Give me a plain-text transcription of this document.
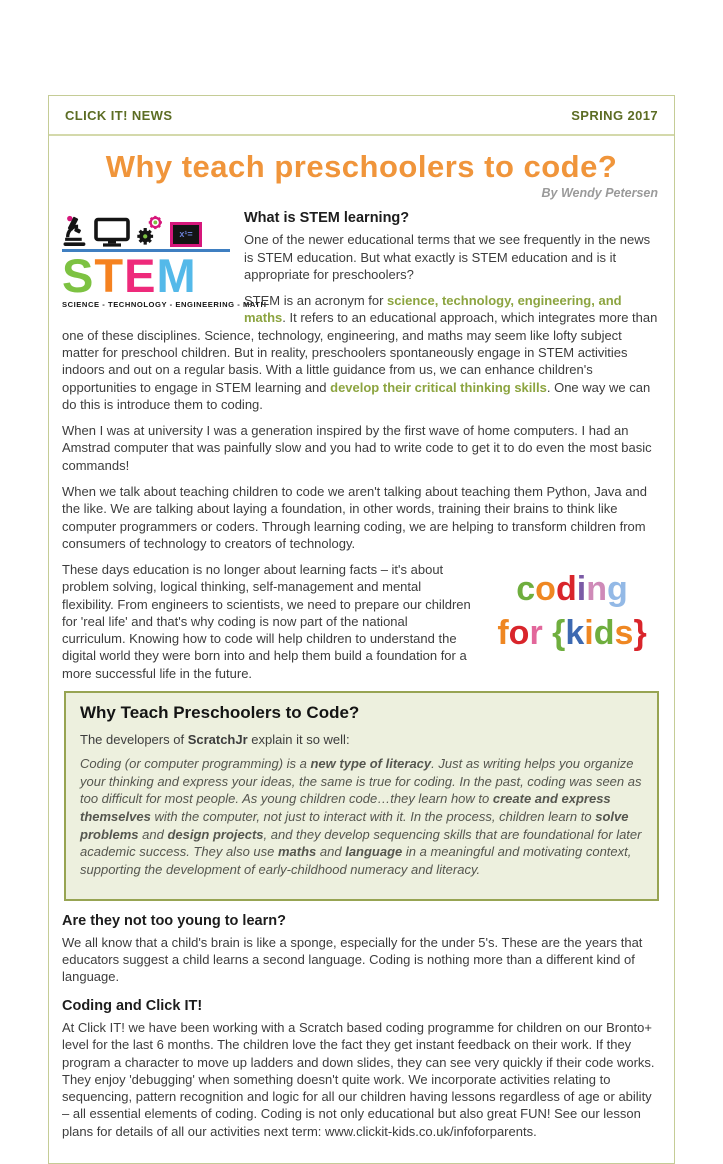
CLICK IT! NEWS	SPRING 2017
Why teach preschoolers to code?
By Wendy Petersen
x¹=
STEM
SCIENCE - TECHNOLOGY - ENGINEERING - MATH
What is STEM learning?

One of the newer educational terms that we see frequently in the news is STEM education. But what exactly is STEM education and is it appropriate for preschoolers?

STEM is an acronym for science, technology, engineering, and maths. It refers to an educational approach, which integrates more than one of these disciplines. Science, technology, engineering, and maths may seem like lofty subject matter for preschool children. But in reality, preschoolers spontaneously engage in STEM activities indoors and out on a regular basis. With a little guidance from us, we can enhance children's opportunities to engage in STEM learning and develop their critical thinking skills. One way we can do this is introduce them to coding.

When I was at university I was a generation inspired by the first wave of home computers. I had an Amstrad computer that was painfully slow and you had to write code to get it to do even the most basic commands!

When we talk about teaching children to code we aren't talking about teaching them Python, Java and the like. We are talking about laying a foundation, in other words, training their brains to think like computer programmers or coders. Through learning coding, we are helping to transform children from consumers of technology to creators of technology.

coding
for {kids}

These days education is no longer about learning facts – it's about problem solving, logical thinking, self-management and mental flexibility. From engineers to scientists, we need to prepare our children for 'real life' and that's why coding is now part of the national curriculum. Knowing how to code will help children to understand the digital world they were born into and help them build a foundation for a more successful life in the future.

Why Teach Preschoolers to Code?

The developers of ScratchJr explain it so well:

Coding (or computer programming) is a new type of literacy. Just as writing helps you organize your thinking and express your ideas, the same is true for coding. In the past, coding was seen as too difficult for most people. As young children code…they learn how to create and express themselves with the computer, not just to interact with it. In the process, children learn to solve problems and design projects, and they develop sequencing skills that are foundational for later academic success. They also use maths and language in a meaningful and motivating context, supporting the development of early-childhood numeracy and literacy.

Are they not too young to learn?

We all know that a child's brain is like a sponge, especially for the under 5's. These are the years that educators suggest a child learns a second language. Coding is nothing more than a different kind of language.

Coding and Click IT!

At Click IT! we have been working with a Scratch based coding programme for children on our Bronto+ level for the last 6 months. The children love the fact they get instant feedback on their work. If they program a character to move up ladders and down slides, they can see very quickly if their code works. They enjoy 'debugging' when something doesn't quite work. We incorporate activities relating to sequencing, pattern recognition and logic for all our children having lessons regardless of age or ability – all essential elements of coding. Coding is not only educational but also great FUN! See our lesson plans for details of all our activities next term: www.clickit-kids.co.uk/infoforparents.
